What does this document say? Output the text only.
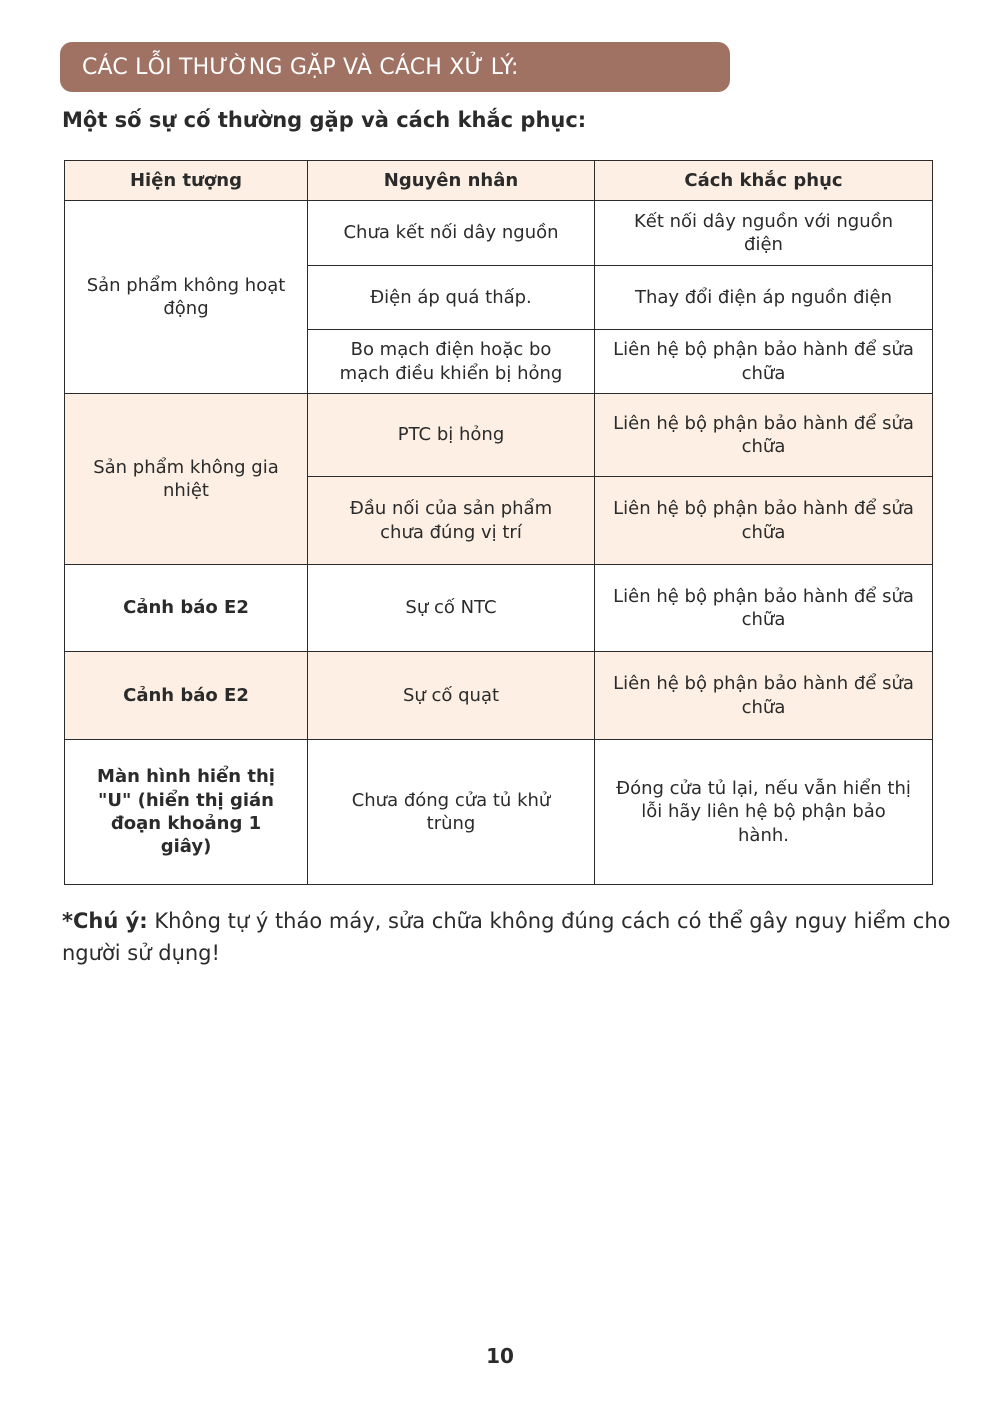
CÁC LỖI THƯỜNG GẶP VÀ CÁCH XỬ LÝ:
Một số sự cố thường gặp và cách khắc phục:
Hiện tượng	Nguyên nhân	Cách khắc phục
Sản phẩm không hoạt động	Chưa kết nối dây nguồn	Kết nối dây nguồn với nguồn điện
	Điện áp quá thấp.	Thay đổi điện áp nguồn điện
	Bo mạch điện hoặc bo mạch điều khiển bị hỏng	Liên hệ bộ phận bảo hành để sửa chữa
Sản phẩm không gia nhiệt	PTC bị hỏng	Liên hệ bộ phận bảo hành để sửa chữa
	Đầu nối của sản phẩm chưa đúng vị trí	Liên hệ bộ phận bảo hành để sửa chữa
Cảnh báo E2	Sự cố NTC	Liên hệ bộ phận bảo hành để sửa chữa
Cảnh báo E2	Sự cố quạt	Liên hệ bộ phận bảo hành để sửa chữa
Màn hình hiển thị "U" (hiển thị gián đoạn khoảng 1 giây)	Chưa đóng cửa tủ khử trùng	Đóng cửa tủ lại, nếu vẫn hiển thị lỗi hãy liên hệ bộ phận bảo hành.
*Chú ý: Không tự ý tháo máy, sửa chữa không đúng cách có thể gây nguy hiểm cho người sử dụng!
10
